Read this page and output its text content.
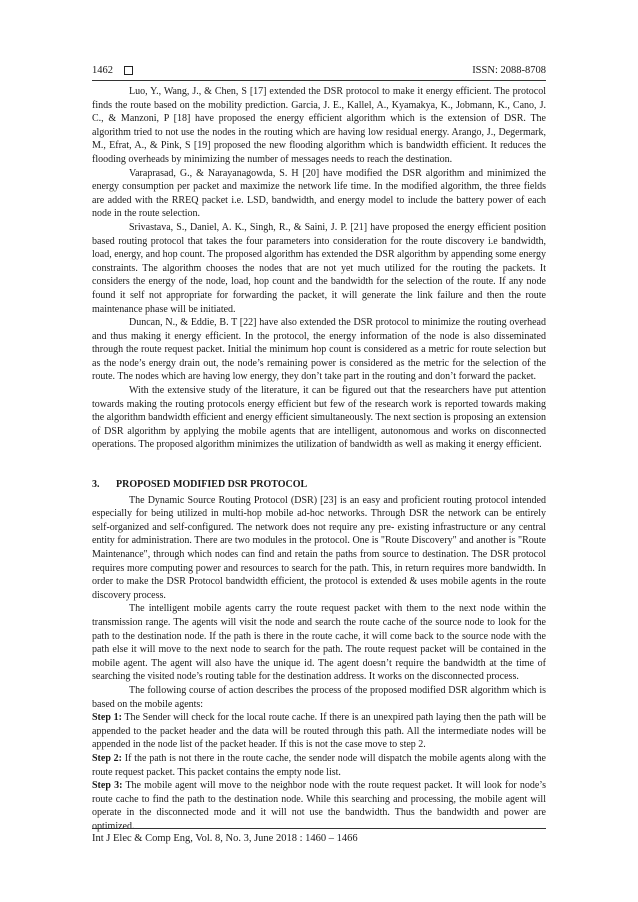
1462	ISSN: 2088-8708

Luo, Y., Wang, J., & Chen, S [17] extended the DSR protocol to make it energy efficient. The protocol finds the route based on the mobility prediction. Garcia, J. E., Kallel, A., Kyamakya, K., Jobmann, K., Cano, J. C., & Manzoni, P [18] have proposed the energy efficient algorithm which is the extension of DSR. The algorithm tried to not use the nodes in the routing which are having low residual energy. Arango, J., Degermark, M., Efrat, A., & Pink, S [19] proposed the new flooding algorithm which is bandwidth efficient. It reduces the flooding overheads by minimizing the number of messages needs to reach the destination.

Varaprasad, G., & Narayanagowda, S. H [20] have modified the DSR algorithm and minimized the energy consumption per packet and maximize the network life time. In the modified algorithm, the three fields are added with the RREQ packet i.e. LSD, bandwidth, and energy model to include the battery power of each node in the route selection.

Srivastava, S., Daniel, A. K., Singh, R., & Saini, J. P. [21] have proposed the energy efficient position based routing protocol that takes the four parameters into consideration for the route discovery i.e bandwidth, load, energy, and hop count. The proposed algorithm has extended the DSR algorithm by appending some energy constraints. The algorithm chooses the nodes that are not yet much utilized for the routing the packets. It considers the energy of the node, load, hop count and the bandwidth for the selection of the route. If any node found it self not appropriate for forwarding the packet, it will generate the link failure and then the route maintenance phase will be initiated.

Duncan, N., & Eddie, B. T [22] have also extended the DSR protocol to minimize the routing overhead and thus making it energy efficient. In the protocol, the energy information of the node is also disseminated through the route request packet. Initial the minimum hop count is considered as a metric for route selection but as the node’s energy drain out, the node’s remaining power is considered as the metric for the selection of the route. The nodes which are having low energy, they don’t take part in the routing and don’t forward the packet.

With the extensive study of the literature, it can be figured out that the researchers have put attention towards making the routing protocols energy efficient but few of the research work is reported towards making the algorithm bandwidth efficient and energy efficient simultaneously. The next section is proposing an extension of DSR algorithm by applying the mobile agents that are intelligent, autonomous and works on disconnected operations. The proposed algorithm minimizes the utilization of bandwidth as well as making it energy efficient.

3. PROPOSED MODIFIED DSR PROTOCOL

The Dynamic Source Routing Protocol (DSR) [23] is an easy and proficient routing protocol intended especially for being utilized in multi-hop mobile ad-hoc networks. Through DSR the network can be entirely self-organized and self-configured. The network does not require any pre- existing infrastructure or any central entity for administration. There are two modules in the protocol. One is "Route Discovery" and another is "Route Maintenance", through which nodes can find and retain the paths from source to destination. The DSR protocol requires more computing power and resources to search for the path. This, in return requires more bandwidth. In order to make the DSR Protocol bandwidth efficient, the protocol is extended & uses mobile agents in the route discovery process.

The intelligent mobile agents carry the route request packet with them to the next node within the transmission range. The agents will visit the node and search the route cache of the source node to look for the path to the destination node. If the path is there in the route cache, it will come back to the source node with the path else it will move to the next node to search for the path. The route request packet will be contained in the mobile agent. The agent will also have the unique id. The agent doesn’t require the bandwidth at the time of searching the visited node’s routing table for the destination address. It works on the disconnected process.

The following course of action describes the process of the proposed modified DSR algorithm which is based on the mobile agents:

Step 1: The Sender will check for the local route cache. If there is an unexpired path laying then the path will be appended to the packet header and the data will be routed through this path. All the intermediate nodes will be appended in the node list of the packet header. If this is not the case move to step 2.

Step 2: If the path is not there in the route cache, the sender node will dispatch the mobile agents along with the route request packet. This packet contains the empty node list.

Step 3: The mobile agent will move to the neighbor node with the route request packet. It will look for node’s route cache to find the path to the destination node. While this searching and processing, the mobile agent will operate in the disconnected mode and it will not use the bandwidth. Thus the bandwidth and power are optimized.

Int J Elec & Comp Eng, Vol. 8, No. 3, June 2018 : 1460 – 1466
